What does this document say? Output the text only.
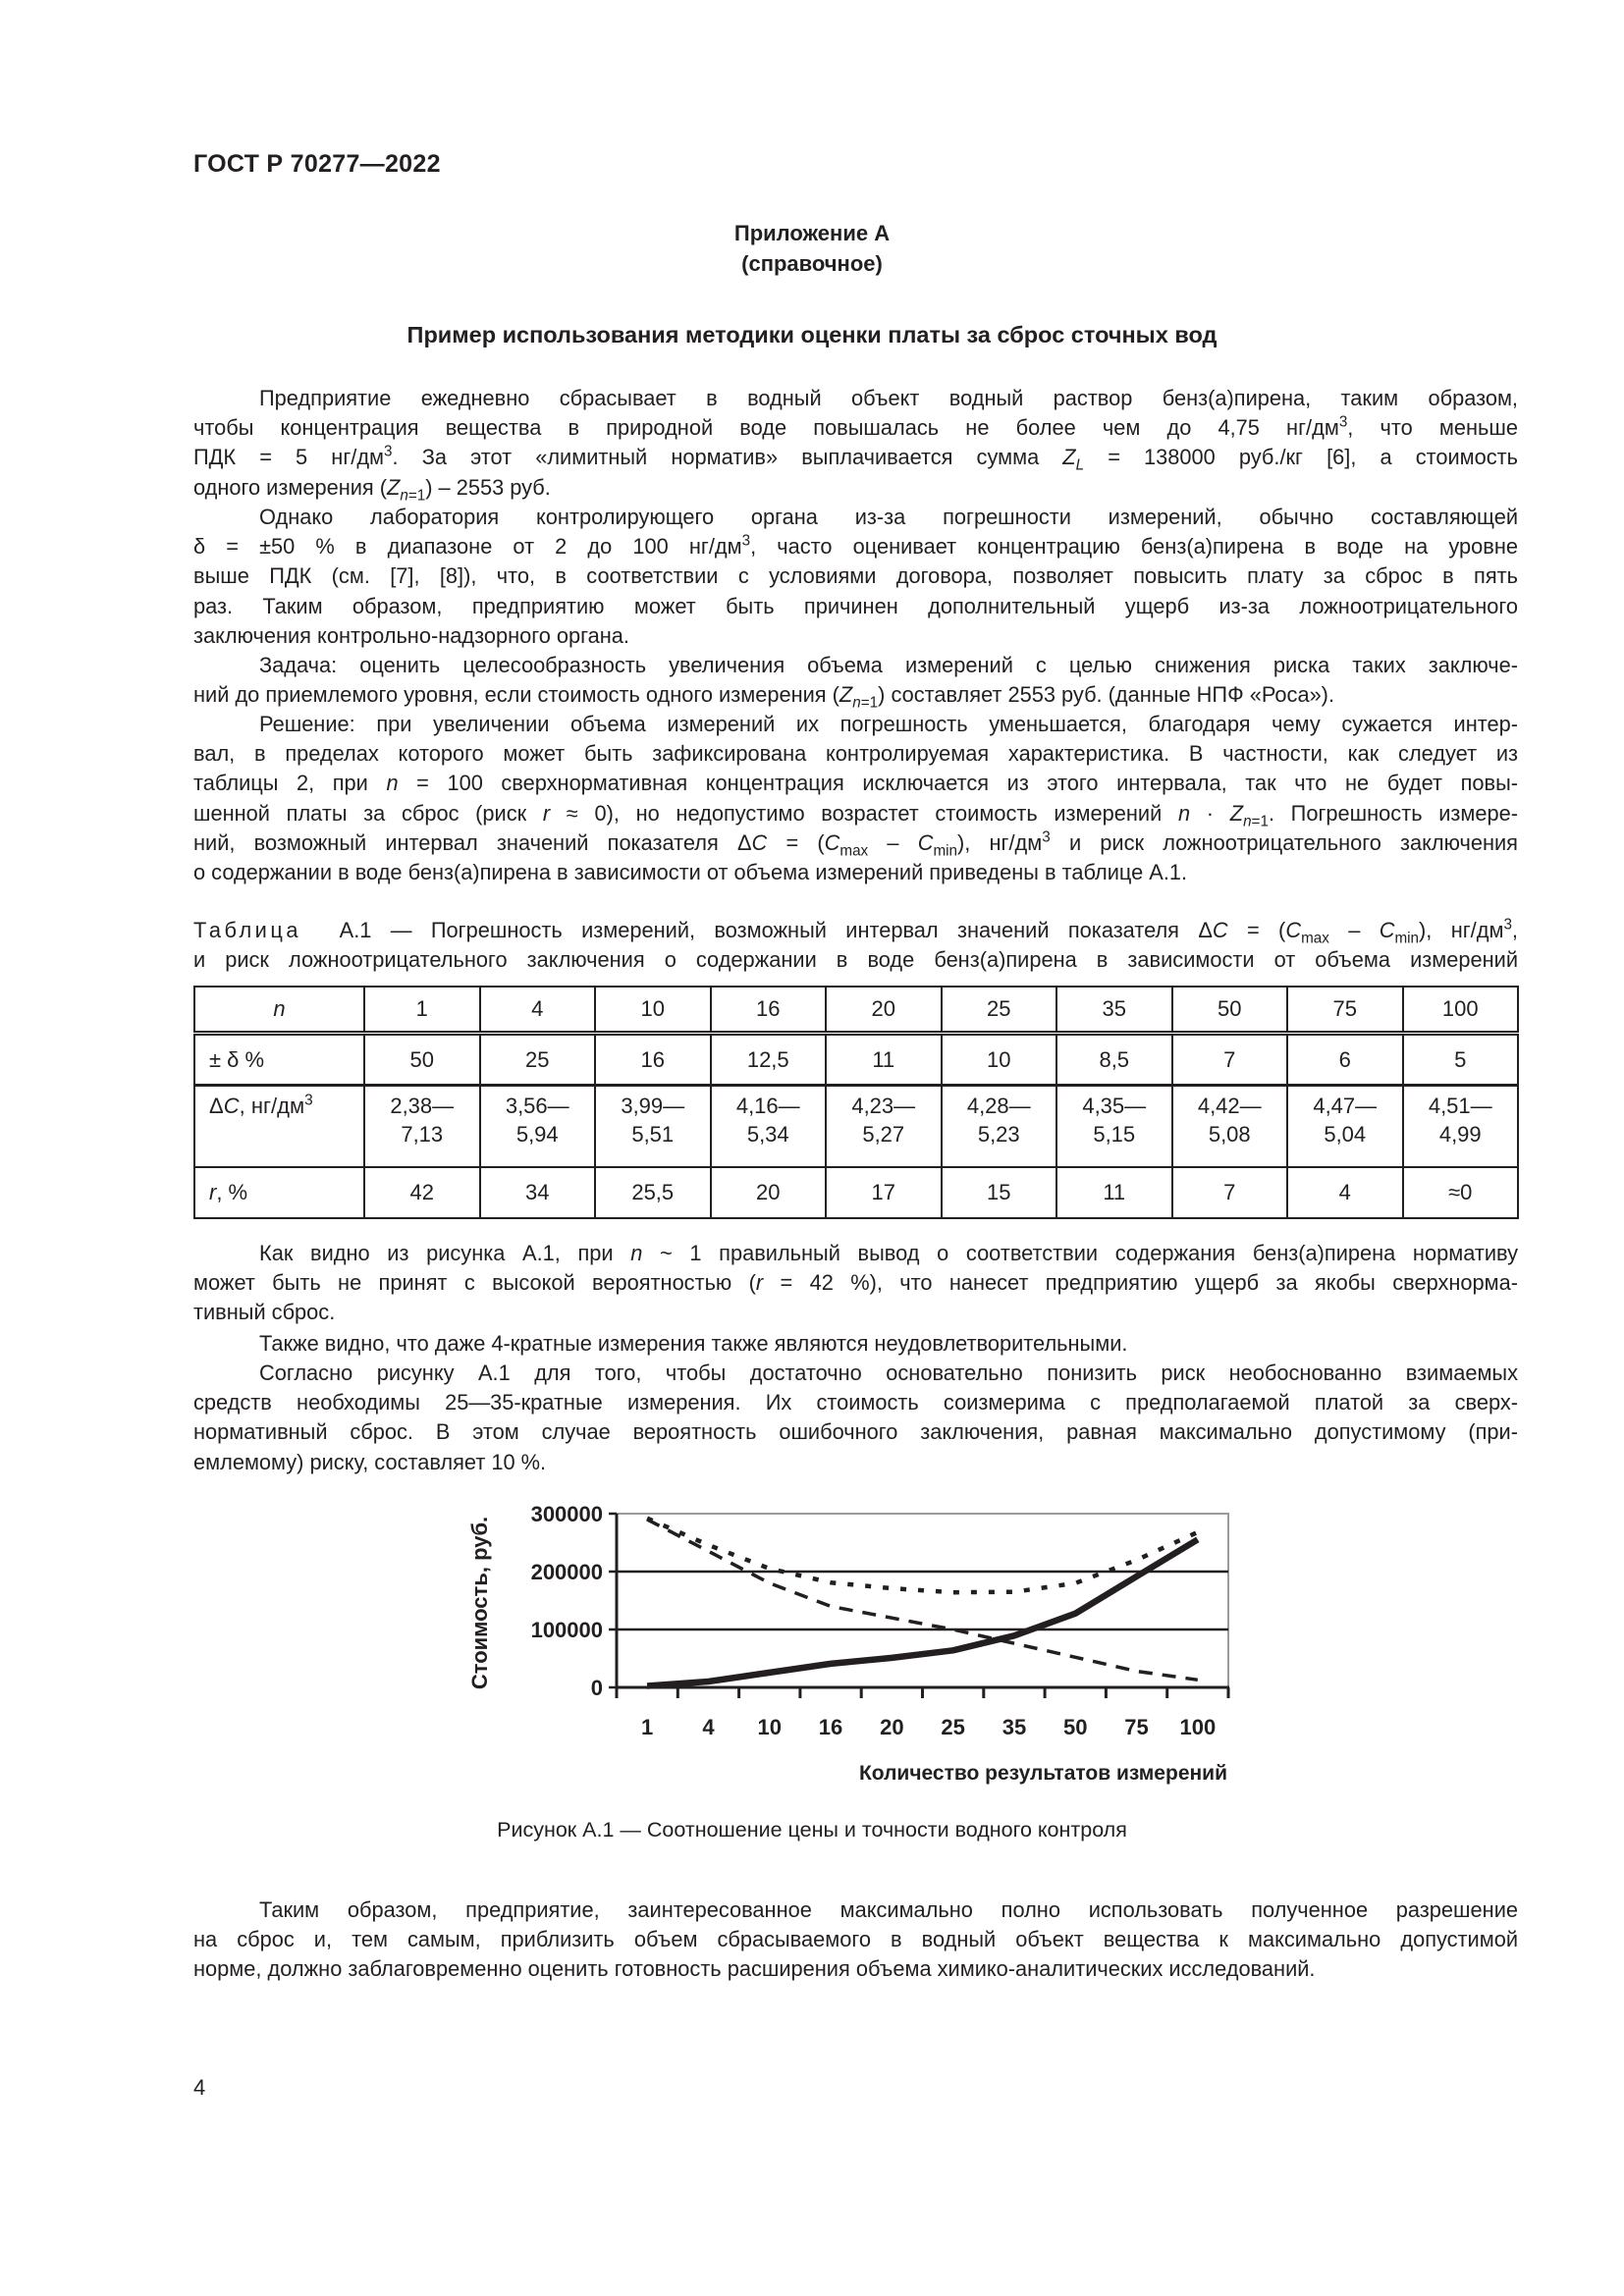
ГОСТ Р 70277—2022
Приложение А
(справочное)
Пример использования методики оценки платы за сброс сточных вод
Предприятие ежедневно сбрасывает в водный объект водный раствор бенз(а)пирена, таким образом,
чтобы концентрация вещества в природной воде повышалась не более чем до 4,75 $нг/дм^3$, что меньше
ПДК = 5 $нг/дм^3$. За этот «лимитный норматив» выплачивается сумма $Z_L = 138000$ руб./кг [6], а стоимость
одного измерения $(Z_{n=1}) - 2553$ руб.
Однако лаборатория контролирующего органа из-за погрешности измерений, обычно составляющей
δ = ±50 % в диапазоне от 2 до 100 $нг/дм^3$, часто оценивает концентрацию бенз(а)пирена в воде на уровне
выше ПДК (см. [7], [8]), что, в соответствии с условиями договора, позволяет повысить плату за сброс в пять
раз. Таким образом, предприятию может быть причинен дополнительный ущерб из-за ложноотрицательного
заключения контрольно-надзорного органа.
Задача: оценить целесообразность увеличения объема измерений с целью снижения риска таких заключе-
ний до приемлемого уровня, если стоимость одного измерения $(Z_{n=1})$ составляет 2553 руб. (данные НПФ «Роса»).
Решение: при увеличении объема измерений их погрешность уменьшается, благодаря чему сужается интер-
вал, в пределах которого может быть зафиксирована контролируемая характеристика. В частности, как следует из
таблицы 2, при n = 100 сверхнормативная концентрация исключается из этого интервала, так что не будет повы-
шенной платы за сброс (риск r ≈ 0), но недопустимо возрастет стоимость измерений $n \cdot Z_{n=1}$. Погрешность измере-
ний, возможный интервал значений показателя $\Delta C = (C_{max} - C_{min})$, $нг/дм^3$ и риск ложноотрицательного заключения
о содержании в воде бенз(а)пирена в зависимости от объема измерений приведены в таблице А.1.
Таблица А.1 — Погрешность измерений, возможный интервал значений показателя $\Delta C = (C_{max} - C_{min})$, $нг/дм^3$,
и риск ложноотрицательного заключения о содержании в воде бенз(а)пирена в зависимости от объема измерений
n	1	4	10	16	20	25	35	50	75	100
± δ %	50	25	16	12,5	11	10	8,5	7	6	5
ΔC, $нг/дм^3$	2,38—
7,13	3,56—
5,94	3,99—
5,51	4,16—
5,34	4,23—
5,27	4,28—
5,23	4,35—
5,15	4,42—
5,08	4,47—
5,04	4,51—
4,99
r, %	42	34	25,5	20	17	15	11	7	4	≈0
Как видно из рисунка А.1, при n ~ 1 правильный вывод о соответствии содержания бенз(а)пирена нормативу
может быть не принят с высокой вероятностью (r = 42 %), что нанесет предприятию ущерб за якобы сверхнорма-
тивный сброс.
Также видно, что даже 4-кратные измерения также являются неудовлетворительными.
Согласно рисунку А.1 для того, чтобы достаточно основательно понизить риск необоснованно взимаемых
средств необходимы 25—35-кратные измерения. Их стоимость соизмерима с предполагаемой платой за сверх-
нормативный сброс. В этом случае вероятность ошибочного заключения, равная максимально допустимому (при-
емлемому) риску, составляет 10 %.
Стоимость, руб.	0
100000
200000
300000
1 4 10 16 20 25 35 50 75 100
Количество результатов измерений
Рисунок А.1 — Соотношение цены и точности водного контроля
Таким образом, предприятие, заинтересованное максимально полно использовать полученное разрешение
на сброс и, тем самым, приблизить объем сбрасываемого в водный объект вещества к максимально допустимой
норме, должно заблаговременно оценить готовность расширения объема химико-аналитических исследований.
4
